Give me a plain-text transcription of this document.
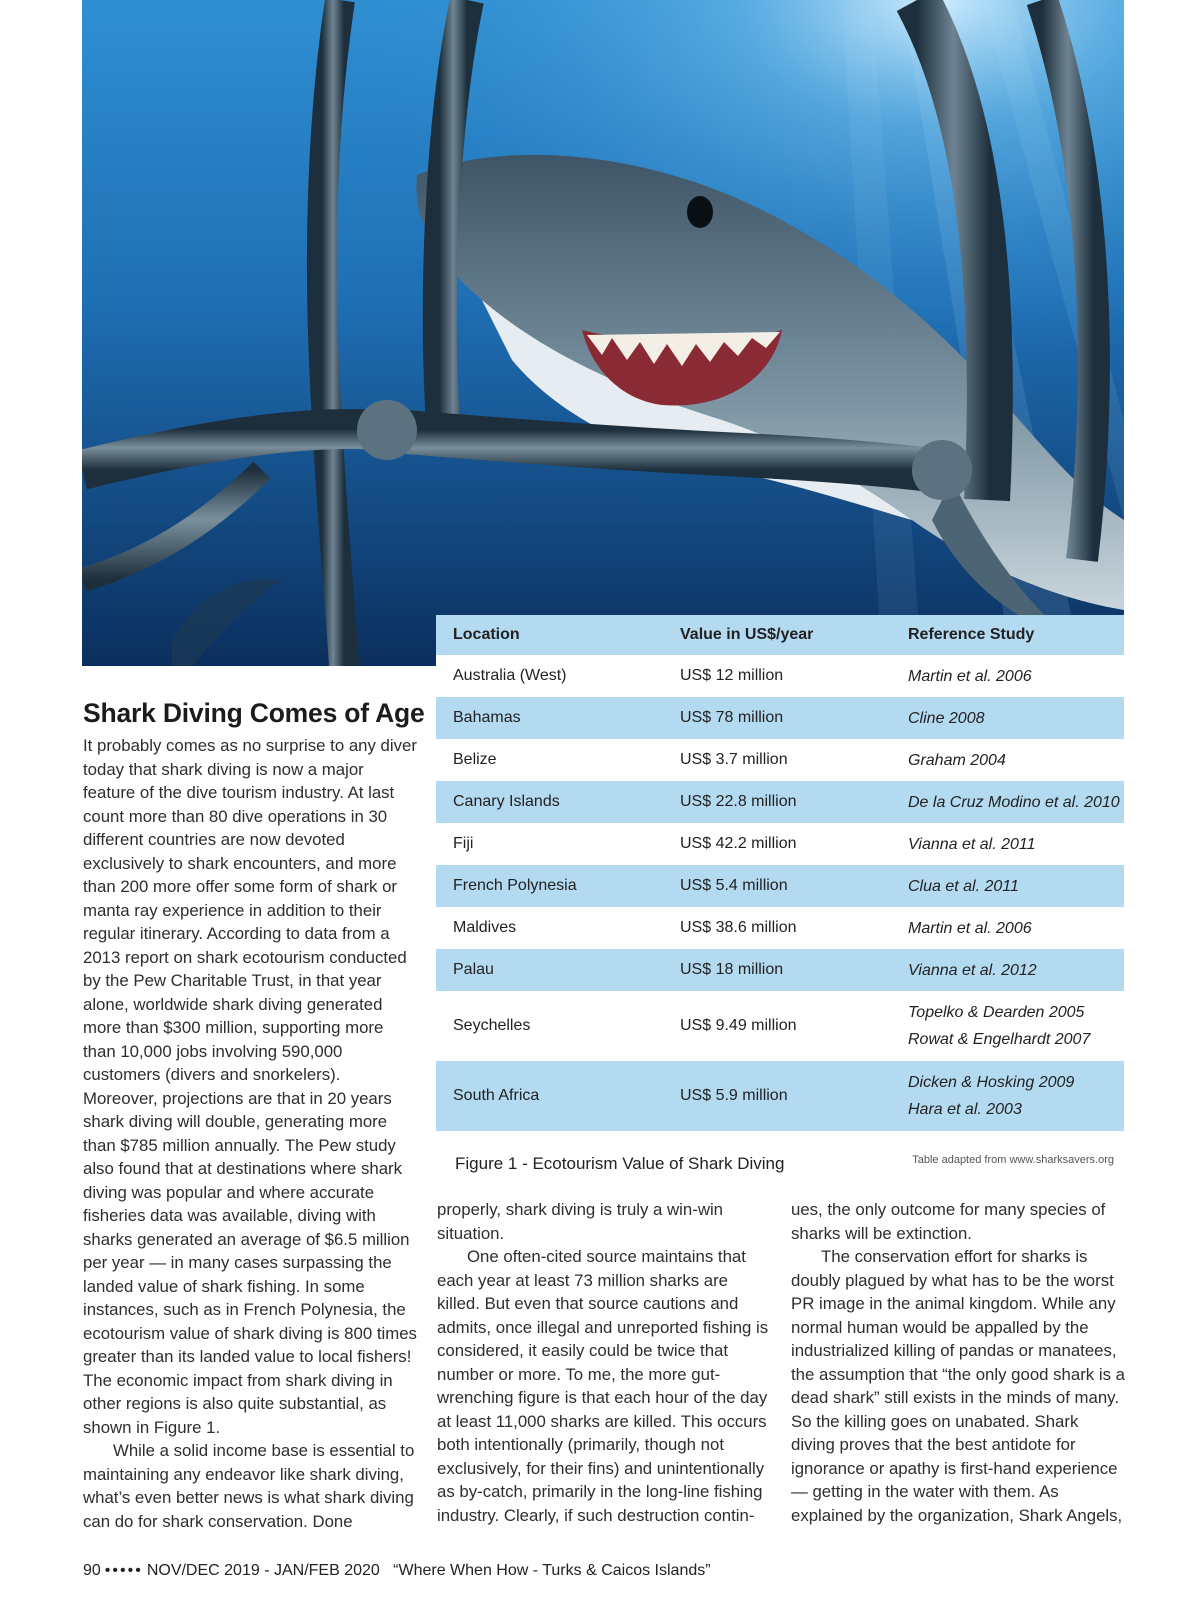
Location	Value in US$/year	Reference Study
Australia (West)	US$ 12 million	Martin et al. 2006

Bahamas	US$ 78 million	Cline 2008

Belize	US$ 3.7 million	Graham 2004

Canary Islands	US$ 22.8 million	De la Cruz Modino et al. 2010

Fiji	US$ 42.2 million	Vianna et al. 2011

French Polynesia	US$ 5.4 million	Clua et al. 2011

Maldives	US$ 38.6 million	Martin et al. 2006

Palau	US$ 18 million	Vianna et al. 2012

Seychelles	US$ 9.49 million	Topelko & Dearden 2005
Rowat & Engelhardt 2007

South Africa	US$ 5.9 million	Dicken & Hosking 2009
Hara et al. 2003
Figure 1 - Ecotourism Value of Shark Diving	Table adapted from www.sharksavers.org
Shark Diving Comes of Age

It probably comes as no surprise to any diver today that shark diving is now a major feature of the dive tourism industry. At last count more than 80 dive operations in 30 different countries are now devoted exclusively to shark encounters, and more than 200 more offer some form of shark or manta ray experience in addition to their regular itinerary. According to data from a 2013 report on shark ecotourism conducted by the Pew Charitable Trust, in that year alone, worldwide shark diving generated more than $300 million, supporting more than 10,000 jobs involving 590,000 customers (divers and snorkelers). Moreover, projections are that in 20 years shark diving will double, generating more than $785 million annually. The Pew study also found that at destinations where shark diving was popular and where accurate fisheries data was available, diving with sharks generated an average of $6.5 million per year — in many cases surpassing the landed value of shark fishing. In some instances, such as in French Polynesia, the ecotourism value of shark diving is 800 times greater than its landed value to local fishers! The economic impact from shark diving in other regions is also quite substantial, as shown in Figure 1.

While a solid income base is essential to maintaining any endeavor like shark diving, what’s even better news is what shark diving can do for shark conservation. Done

properly, shark diving is truly a win-win situation.

One often-cited source maintains that each year at least 73 million sharks are killed. But even that source cautions and admits, once illegal and unreported fishing is considered, it easily could be twice that number or more. To me, the more gut-wrenching figure is that each hour of the day at least 11,000 sharks are killed. This occurs both intentionally (primarily, though not exclusively, for their fins) and unintentionally as by-catch, primarily in the long-line fishing industry. Clearly, if such destruction contin-

ues, the only outcome for many species of sharks will be extinction.

The conservation effort for sharks is doubly plagued by what has to be the worst PR image in the animal kingdom. While any normal human would be appalled by the industrialized killing of pandas or manatees, the assumption that “the only good shark is a dead shark” still exists in the minds of many. So the killing goes on unabated. Shark diving proves that the best antidote for ignorance or apathy is first-hand experience — getting in the water with them. As explained by the organization, Shark Angels,

90 ••••• NOV/DEC 2019 - JAN/FEB 2020 “Where When How - Turks & Caicos Islands”
